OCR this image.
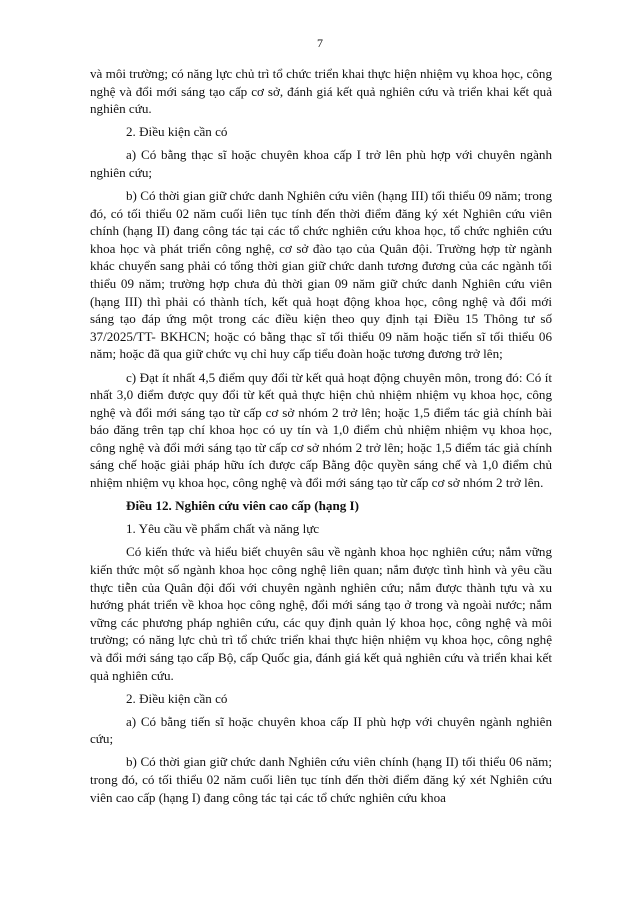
7

và môi trường; có năng lực chủ trì tổ chức triển khai thực hiện nhiệm vụ khoa học, công nghệ và đổi mới sáng tạo cấp cơ sở, đánh giá kết quả nghiên cứu và triển khai kết quả nghiên cứu.

2. Điều kiện cần có

a) Có bằng thạc sĩ hoặc chuyên khoa cấp I trở lên phù hợp với chuyên ngành nghiên cứu;

b) Có thời gian giữ chức danh Nghiên cứu viên (hạng III) tối thiểu 09 năm; trong đó, có tối thiểu 02 năm cuối liên tục tính đến thời điểm đăng ký xét Nghiên cứu viên chính (hạng II) đang công tác tại các tổ chức nghiên cứu khoa học, tổ chức nghiên cứu khoa học và phát triển công nghệ, cơ sở đào tạo của Quân đội. Trường hợp từ ngành khác chuyển sang phải có tổng thời gian giữ chức danh tương đương của các ngành tối thiểu 09 năm; trường hợp chưa đủ thời gian 09 năm giữ chức danh Nghiên cứu viên (hạng III) thì phải có thành tích, kết quả hoạt động khoa học, công nghệ và đổi mới sáng tạo đáp ứng một trong các điều kiện theo quy định tại Điều 15 Thông tư số 37/2025/TT- BKHCN; hoặc có bằng thạc sĩ tối thiểu 09 năm hoặc tiến sĩ tối thiểu 06 năm; hoặc đã qua giữ chức vụ chỉ huy cấp tiểu đoàn hoặc tương đương trở lên;

c) Đạt ít nhất 4,5 điểm quy đổi từ kết quả hoạt động chuyên môn, trong đó: Có ít nhất 3,0 điểm được quy đổi từ kết quả thực hiện chủ nhiệm nhiệm vụ khoa học, công nghệ và đổi mới sáng tạo từ cấp cơ sở nhóm 2 trở lên; hoặc 1,5 điểm tác giả chính bài báo đăng trên tạp chí khoa học có uy tín và 1,0 điểm chủ nhiệm nhiệm vụ khoa học, công nghệ và đổi mới sáng tạo từ cấp cơ sở nhóm 2 trở lên; hoặc 1,5 điểm tác giả chính sáng chế hoặc giải pháp hữu ích được cấp Bằng độc quyền sáng chế và 1,0 điểm chủ nhiệm nhiệm vụ khoa học, công nghệ và đổi mới sáng tạo từ cấp cơ sở nhóm 2 trở lên.

Điều 12. Nghiên cứu viên cao cấp (hạng I)

1. Yêu cầu về phẩm chất và năng lực

Có kiến thức và hiểu biết chuyên sâu về ngành khoa học nghiên cứu; nắm vững kiến thức một số ngành khoa học công nghệ liên quan; nắm được tình hình và yêu cầu thực tiễn của Quân đội đối với chuyên ngành nghiên cứu; nắm được thành tựu và xu hướng phát triển về khoa học công nghệ, đổi mới sáng tạo ở trong và ngoài nước; nắm vững các phương pháp nghiên cứu, các quy định quản lý khoa học, công nghệ và môi trường; có năng lực chủ trì tổ chức triển khai thực hiện nhiệm vụ khoa học, công nghệ và đổi mới sáng tạo cấp Bộ, cấp Quốc gia, đánh giá kết quả nghiên cứu và triển khai kết quả nghiên cứu.

2. Điều kiện cần có

a) Có bằng tiến sĩ hoặc chuyên khoa cấp II phù hợp với chuyên ngành nghiên cứu;

b) Có thời gian giữ chức danh Nghiên cứu viên chính (hạng II) tối thiểu 06 năm; trong đó, có tối thiểu 02 năm cuối liên tục tính đến thời điểm đăng ký xét Nghiên cứu viên cao cấp (hạng I) đang công tác tại các tổ chức nghiên cứu khoa
